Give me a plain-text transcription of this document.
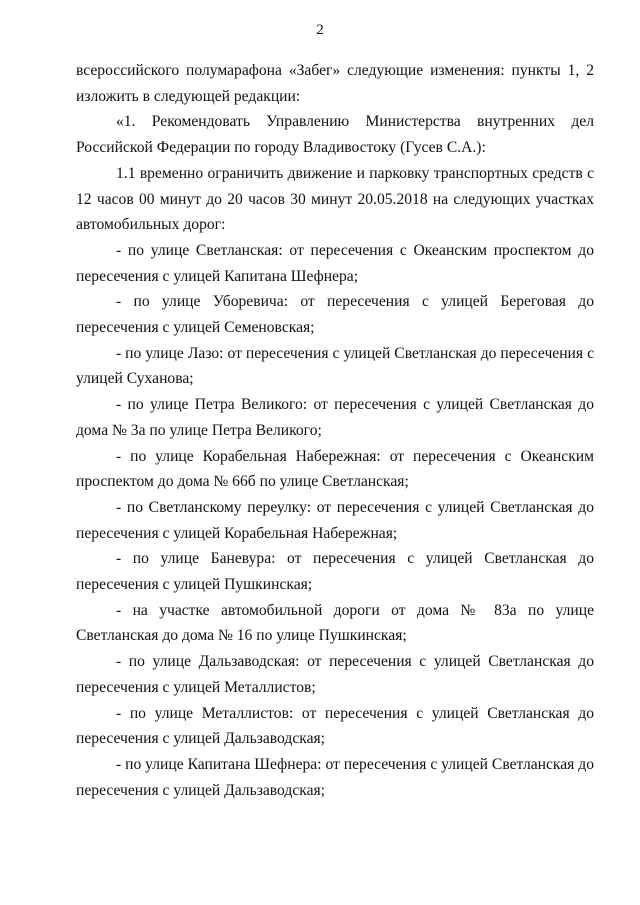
2

всероссийского полумарафона «Забег» следующие изменения: пункты 1, 2 изложить в следующей редакции:

«1. Рекомендовать Управлению Министерства внутренних дел Российской Федерации по городу Владивостоку (Гусев С.А.):

1.1 временно ограничить движение и парковку транспортных средств с 12 часов 00 минут до 20 часов 30 минут 20.05.2018 на следующих участках автомобильных дорог:

- по улице Светланская: от пересечения с Океанским проспектом до пересечения с улицей Капитана Шефнера;

- по улице Уборевича: от пересечения с улицей Береговая до пересечения с улицей Семеновская;

- по улице Лазо: от пересечения с улицей Светланская до пересечения с улицей Суханова;

- по улице Петра Великого: от пересечения с улицей Светланская до дома № 3а по улице Петра Великого;

- по улице Корабельная Набережная: от пересечения с Океанским проспектом до дома № 66б по улице Светланская;

- по Светланскому переулку: от пересечения с улицей Светланская до пересечения с улицей Корабельная Набережная;

- по улице Баневура: от пересечения с улицей Светланская до пересечения с улицей Пушкинская;

- на участке автомобильной дороги от дома № 83а по улице Светланская до дома № 16 по улице Пушкинская;

- по улице Дальзаводская: от пересечения с улицей Светланская до пересечения с улицей Металлистов;

- по улице Металлистов: от пересечения с улицей Светланская до пересечения с улицей Дальзаводская;

- по улице Капитана Шефнера: от пересечения с улицей Светланская до пересечения с улицей Дальзаводская;
